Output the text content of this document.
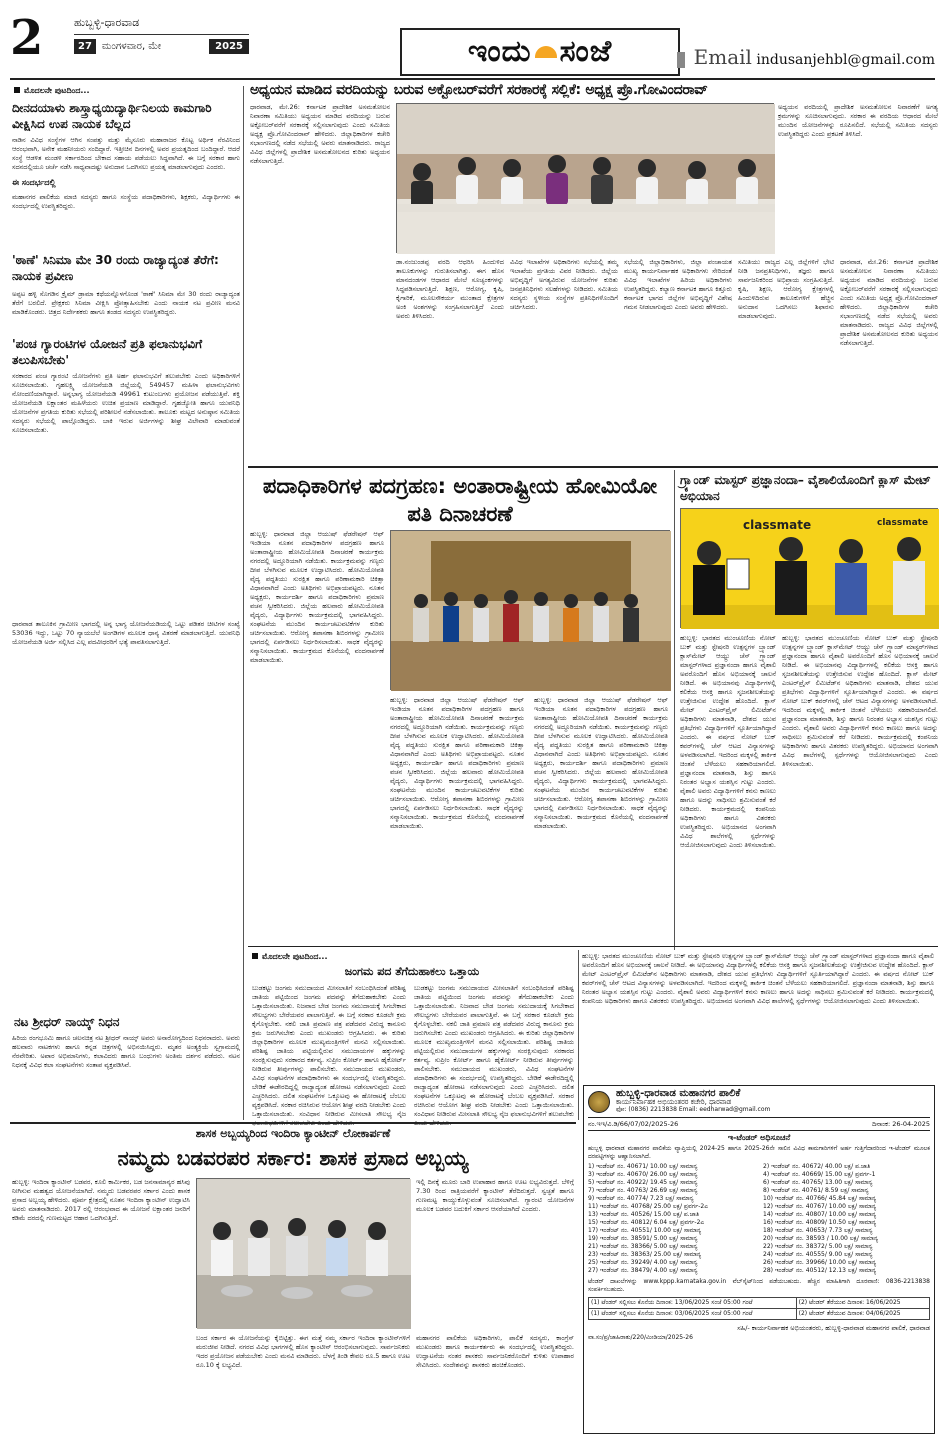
2	ಹುಬ್ಬಳ್ಳಿ-ಧಾರವಾಡ
27	ಮಂಗಳವಾರ, ಮೇ	2025	ಇಂದು ಸಂಜೆ	Email indusanjehbl@gmail.com
ಮೊದಲನೇ ಪುಟದಿಂದ...
ದೀನದಯಾಳು ಶಾಸ್ತ್ರಾಧ್ಯಯಿದ್ಯಾರ್ಥಿನಿಲಯ ಕಾಮಗಾರಿ ವೀಕ್ಷಿಸಿದ ಉಪ ನಾಯಕ ಬೆಲ್ಲದ
ನಾಡಿನ ವಿವಿಧ ಸಂಸ್ಥೆಗಳ ಆಗಿನ ಸಂಪತ್ತು ಮತ್ತು ಮೈಸೂರು ಮಹಾರಾಜರ ಕೊಟ್ಟ ಅರ್ಥಿಕ ನೆರವಿನಿಂದ ಆರಂಭವಾಗಿ, ಅನೇಕ ಮಹನೀಯರು ಸಂದಿದ್ದಾರೆ. ಇತ್ತೀಚಿನ ದಿನಗಳಲ್ಲಿ ಅವರ ಪ್ರಯತ್ನದಿಂದ ಬಂದಿದ್ದಾರೆ. ಆದರೆ ಸಂಸ್ಥೆ ಆಡಳಿತ ಮಂಡಳಿ ಸರ್ಕಾರದಿಂದ ಬೇಕಾದ ಸಹಾಯ ಪಡೆಯಲು ಸಿದ್ಧವಾಗಿದೆ. ಈ ಬಗ್ಗೆ ಸರಕಾರ ಹಾಗು ಸದನದಲ್ಲಿಯೂ ಚರ್ಚೆ ನಡೆಸಿ ಸಾಧ್ಯವಾದಷ್ಟು ಅನುದಾನ ಒದಗಿಸಲು ಪ್ರಯತ್ನ ಮಾಡಲಾಗುವುದು ಎಂದರು.
ಈ ಸಂದರ್ಭದಲ್ಲಿ
ಮಹಾನಗರ ಪಾಲಿಕೆಯ ಮಾಜಿ ಸದಸ್ಯರು ಹಾಗೂ ಸಂಸ್ಥೆಯ ಪದಾಧಿಕಾರಿಗಳು, ಶಿಕ್ಷಕರು, ವಿದ್ಯಾರ್ಥಿಗಳು ಈ ಸಂದರ್ಭದಲ್ಲಿ ಉಪಸ್ಥಿತರಿದ್ದರು.
'ಠಾಣೆ' ಸಿನಿಮಾ ಮೇ 30 ರಂದು ರಾಜ್ಯಾದ್ಯಂತ ತೆರೆಗೆ: ನಾಯಕ ಪ್ರವೀಣ
ಅಪ್ಪಟ ಹಳ್ಳಿ ಸೊಗಡಿನ ಕ್ರೈಮ್ ಡ್ರಾಮಾ ಕಥೆಯನ್ನೊಳಗೊಂಡ 'ಠಾಣೆ' ಸಿನಿಮಾ ಮೇ 30 ರಂದು ರಾಜ್ಯಾದ್ಯಂತ ತೆರೆಗೆ ಬರಲಿದೆ. ಪ್ರೇಕ್ಷಕರು ಸಿನಿಮಾ ವೀಕ್ಷಿಸಿ ಪ್ರೋತ್ಸಾಹಿಸಬೇಕು ಎಂದು ನಾಯಕ ನಟ ಪ್ರವೀಣ ಮನವಿ ಮಾಡಿಕೊಂಡರು. ಚಿತ್ರದ ನಿರ್ದೇಶಕರು ಹಾಗೂ ತಂಡದ ಸದಸ್ಯರು ಉಪಸ್ಥಿತರಿದ್ದರು.
'ಪಂಚ ಗ್ಯಾರಂಟಿಗಳ ಯೋಜನೆ ಪ್ರತಿ ಫಲಾನುಭವಿಗೆ ತಲುಪಿಸಬೇಕು'
ಸರಕಾರದ ಪಂಚ ಗ್ಯಾರಂಟಿ ಯೋಜನೆಗಳು ಪ್ರತಿ ಅರ್ಹ ಫಲಾನುಭವಿಗೆ ತಲುಪಬೇಕು ಎಂದು ಅಧಿಕಾರಿಗಳಿಗೆ ಸೂಚಿಸಲಾಯಿತು. ಗೃಹಲಕ್ಷ್ಮಿ ಯೋಜನೆಯಡಿ ಜಿಲ್ಲೆಯಲ್ಲಿ 549457 ಮಹಿಳಾ ಫಲಾನುಭವಿಗಳು ನೋಂದಣಿಯಾಗಿದ್ದಾರೆ. ಅನ್ನಭಾಗ್ಯ ಯೋಜನೆಯಡಿ 49961 ಕುಟುಂಬಗಳು ಪ್ರಯೋಜನ ಪಡೆಯುತ್ತಿವೆ. ಶಕ್ತಿ ಯೋಜನೆಯಡಿ ಲಕ್ಷಾಂತರ ಮಹಿಳೆಯರು ಉಚಿತ ಪ್ರಯಾಣ ಮಾಡಿದ್ದಾರೆ. ಗೃಹಜ್ಯೋತಿ ಹಾಗೂ ಯುವನಿಧಿ ಯೋಜನೆಗಳ ಪ್ರಗತಿಯ ಕುರಿತು ಸಭೆಯಲ್ಲಿ ಪರಿಶೀಲನೆ ನಡೆಸಲಾಯಿತು. ತಾಲೂಕು ಮಟ್ಟದ ಅನುಷ್ಠಾನ ಸಮಿತಿಯ ಸದಸ್ಯರು ಸಭೆಯಲ್ಲಿ ಪಾಲ್ಗೊಂಡಿದ್ದರು. ಬಾಕಿ ಇರುವ ಅರ್ಜಿಗಳನ್ನು ಶೀಘ್ರ ವಿಲೇವಾರಿ ಮಾಡುವಂತೆ ಸೂಚಿಸಲಾಯಿತು.
ಧಾರವಾಡ ತಾಲೂಕಿನ ಗ್ರಾಮೀಣ ಭಾಗದಲ್ಲಿ ಅನ್ನ ಭಾಗ್ಯ ಯೋಜನೆಯಡಿಯಲ್ಲಿ ಒಟ್ಟು ಪಡಿತರ ಚೀಟಿಗಳ ಸಂಖ್ಯೆ 53036 ಇದ್ದು, ಒಟ್ಟು 70 ನ್ಯಾಯಬೆಲೆ ಅಂಗಡಿಗಳ ಮೂಲಕ ಧಾನ್ಯ ವಿತರಣೆ ಮಾಡಲಾಗುತ್ತಿದೆ. ಯುವನಿಧಿ ಯೋಜನೆಯಡಿ ಅರ್ಜಿ ಸಲ್ಲಿಸಿದ ಎಲ್ಲ ಪದವೀಧರರಿಗೆ ಭತ್ಯೆ ಪಾವತಿಸಲಾಗುತ್ತಿದೆ.
ನಟ ಶ್ರೀಧರ್ ನಾಯ್ಕ್ ನಿಧನ
ಹಿರಿಯ ರಂಗಭೂಮಿ ಹಾಗೂ ಚಲನಚಿತ್ರ ನಟ ಶ್ರೀಧರ್ ನಾಯ್ಕ್ ಅವರು ಅನಾರೋಗ್ಯದಿಂದ ನಿಧನರಾದರು. ಅವರು ಹಲವಾರು ನಾಟಕಗಳು ಹಾಗೂ ಕನ್ನಡ ಚಿತ್ರಗಳಲ್ಲಿ ಅಭಿನಯಿಸಿದ್ದರು. ಮೃತರ ಅಂತ್ಯಕ್ರಿಯೆ ಸ್ವಗ್ರಾಮದಲ್ಲಿ ನೆರವೇರಿತು. ಅಪಾರ ಅಭಿಮಾನಿಗಳು, ಕಲಾವಿದರು ಹಾಗೂ ಬಂಧುಗಳು ಅಂತಿಮ ದರ್ಶನ ಪಡೆದರು. ನಟನ ನಿಧನಕ್ಕೆ ವಿವಿಧ ಕಲಾ ಸಂಘಟನೆಗಳು ಸಂತಾಪ ವ್ಯಕ್ತಪಡಿಸಿವೆ.
ಅಧ್ಯಯನ ಮಾಡಿದ ವರದಿಯನ್ನು ಬರುವ ಅಕ್ಟೋಬರ್‌ವರೆಗೆ ಸರಕಾರಕ್ಕೆ ಸಲ್ಲಿಕೆ: ಅಧ್ಯಕ್ಷ ಪ್ರೊ.ಗೋವಿಂದರಾವ್
ಧಾರವಾಡ, ಮೇ.26: ಕರ್ನಾಟಕ ಪ್ರಾದೇಶಿಕ ಅಸಮತೋಲನ ನಿವಾರಣಾ ಸಮಿತಿಯು ಅಧ್ಯಯನ ಮಾಡಿದ ವರದಿಯನ್ನು ಬರುವ ಅಕ್ಟೋಬರ್‌ವರೆಗೆ ಸರಕಾರಕ್ಕೆ ಸಲ್ಲಿಸಲಾಗುವುದು ಎಂದು ಸಮಿತಿಯ ಅಧ್ಯಕ್ಷ ಪ್ರೊ.ಗೋವಿಂದರಾವ್ ಹೇಳಿದರು. ಜಿಲ್ಲಾಧಿಕಾರಿಗಳ ಕಚೇರಿ ಸಭಾಂಗಣದಲ್ಲಿ ನಡೆದ ಸಭೆಯಲ್ಲಿ ಅವರು ಮಾತನಾಡಿದರು. ರಾಜ್ಯದ ವಿವಿಧ ಜಿಲ್ಲೆಗಳಲ್ಲಿ ಪ್ರಾದೇಶಿಕ ಅಸಮತೋಲನದ ಕುರಿತು ಅಧ್ಯಯನ ನಡೆಸಲಾಗುತ್ತಿದೆ.
ಅಧ್ಯಯನ ವರದಿಯಲ್ಲಿ ಪ್ರಾದೇಶಿಕ ಅಸಮತೋಲನ ನಿವಾರಣೆಗೆ ಅಗತ್ಯ ಕ್ರಮಗಳನ್ನು ಸೂಚಿಸಲಾಗುವುದು. ಸರಕಾರ ಈ ವರದಿಯ ಆಧಾರದ ಮೇಲೆ ಮುಂದಿನ ಯೋಜನೆಗಳನ್ನು ರೂಪಿಸಲಿದೆ. ಸಭೆಯಲ್ಲಿ ಸಮಿತಿಯ ಸದಸ್ಯರು ಉಪಸ್ಥಿತರಿದ್ದರು ಎಂದು ಪ್ರಕಟಣೆ ತಿಳಿಸಿದೆ.
ಡಾ.ನಂಜುಂಡಪ್ಪ ವರದಿ ಆಧರಿಸಿ ಹಿಂದುಳಿದ ತಾಲೂಕುಗಳನ್ನು ಗುರುತಿಸಲಾಗಿತ್ತು. ಈಗ ಹೊಸ ಮಾನದಂಡಗಳ ಆಧಾರದ ಮೇಲೆ ಸೂಚ್ಯಂಕಗಳನ್ನು ಸಿದ್ಧಪಡಿಸಲಾಗುತ್ತಿದೆ. ಶಿಕ್ಷಣ, ಆರೋಗ್ಯ, ಕೃಷಿ, ಕೈಗಾರಿಕೆ, ಮೂಲಸೌಕರ್ಯ ಮುಂತಾದ ಕ್ಷೇತ್ರಗಳ ಅಂಕಿ ಅಂಶಗಳನ್ನು ಸಂಗ್ರಹಿಸಲಾಗುತ್ತಿದೆ ಎಂದು ಅವರು ತಿಳಿಸಿದರು.
ವಿವಿಧ ಇಲಾಖೆಗಳ ಅಧಿಕಾರಿಗಳು ಸಭೆಯಲ್ಲಿ ತಮ್ಮ ಇಲಾಖೆಯ ಪ್ರಗತಿಯ ವಿವರ ನೀಡಿದರು. ಜಿಲ್ಲೆಯ ಅಭಿವೃದ್ಧಿಗೆ ಅಗತ್ಯವಿರುವ ಯೋಜನೆಗಳ ಕುರಿತು ಜನಪ್ರತಿನಿಧಿಗಳು ಸಲಹೆಗಳನ್ನು ನೀಡಿದರು. ಸಮಿತಿಯ ಸದಸ್ಯರು ಸ್ಥಳೀಯ ಸಂಸ್ಥೆಗಳ ಪ್ರತಿನಿಧಿಗಳೊಂದಿಗೆ ಚರ್ಚಿಸಿದರು.
ಸಭೆಯಲ್ಲಿ ಜಿಲ್ಲಾಧಿಕಾರಿಗಳು, ಜಿಲ್ಲಾ ಪಂಚಾಯತ ಮುಖ್ಯ ಕಾರ್ಯನಿರ್ವಾಹಕ ಅಧಿಕಾರಿಗಳು ಸೇರಿದಂತೆ ವಿವಿಧ ಇಲಾಖೆಗಳ ಹಿರಿಯ ಅಧಿಕಾರಿಗಳು ಉಪಸ್ಥಿತರಿದ್ದರು. ಕಲ್ಯಾಣ ಕರ್ನಾಟಕ ಹಾಗೂ ಕಿತ್ತೂರು ಕರ್ನಾಟಕ ಭಾಗದ ಜಿಲ್ಲೆಗಳ ಅಭಿವೃದ್ಧಿಗೆ ವಿಶೇಷ ಗಮನ ನೀಡಲಾಗುವುದು ಎಂದು ಅವರು ಹೇಳಿದರು.
ಸಮಿತಿಯು ರಾಜ್ಯದ ಎಲ್ಲ ಜಿಲ್ಲೆಗಳಿಗೆ ಭೇಟಿ ನೀಡಿ ಜನಪ್ರತಿನಿಧಿಗಳು, ತಜ್ಞರು ಹಾಗೂ ಸಾರ್ವಜನಿಕರಿಂದ ಅಭಿಪ್ರಾಯ ಸಂಗ್ರಹಿಸುತ್ತಿದೆ. ಕೃಷಿ, ಶಿಕ್ಷಣ, ಆರೋಗ್ಯ ಕ್ಷೇತ್ರಗಳಲ್ಲಿ ಹಿಂದುಳಿದಿರುವ ತಾಲೂಕುಗಳಿಗೆ ಹೆಚ್ಚಿನ ಅನುದಾನ ಒದಗಿಸಲು ಶಿಫಾರಸು ಮಾಡಲಾಗುವುದು.
ಧಾರವಾಡ, ಮೇ.26: ಕರ್ನಾಟಕ ಪ್ರಾದೇಶಿಕ ಅಸಮತೋಲನ ನಿವಾರಣಾ ಸಮಿತಿಯು ಅಧ್ಯಯನ ಮಾಡಿದ ವರದಿಯನ್ನು ಬರುವ ಅಕ್ಟೋಬರ್‌ವರೆಗೆ ಸರಕಾರಕ್ಕೆ ಸಲ್ಲಿಸಲಾಗುವುದು ಎಂದು ಸಮಿತಿಯ ಅಧ್ಯಕ್ಷ ಪ್ರೊ.ಗೋವಿಂದರಾವ್ ಹೇಳಿದರು. ಜಿಲ್ಲಾಧಿಕಾರಿಗಳ ಕಚೇರಿ ಸಭಾಂಗಣದಲ್ಲಿ ನಡೆದ ಸಭೆಯಲ್ಲಿ ಅವರು ಮಾತನಾಡಿದರು. ರಾಜ್ಯದ ವಿವಿಧ ಜಿಲ್ಲೆಗಳಲ್ಲಿ ಪ್ರಾದೇಶಿಕ ಅಸಮತೋಲನದ ಕುರಿತು ಅಧ್ಯಯನ ನಡೆಸಲಾಗುತ್ತಿದೆ.
ಪದಾಧಿಕಾರಿಗಳ ಪದಗ್ರಹಣ: ಅಂತಾರಾಷ್ಟ್ರೀಯ ಹೋಮಿಯೋ ಪತಿ ದಿನಾಚರಣೆ
ಹುಬ್ಬಳ್ಳಿ: ಧಾರವಾಡ ಜಿಲ್ಲಾ ಆಯುಷ್ ಫೆಡರೇಷನ್ ಆಫ್ ಇಂಡಿಯಾ ನೂತನ ಪದಾಧಿಕಾರಿಗಳ ಪದಗ್ರಹಣ ಹಾಗೂ ಅಂತಾರಾಷ್ಟ್ರೀಯ ಹೋಮಿಯೋಪತಿ ದಿನಾಚರಣೆ ಕಾರ್ಯಕ್ರಮ ನಗರದಲ್ಲಿ ಅದ್ದೂರಿಯಾಗಿ ನಡೆಯಿತು. ಕಾರ್ಯಕ್ರಮವನ್ನು ಗಣ್ಯರು ದೀಪ ಬೆಳಗಿಸುವ ಮೂಲಕ ಉದ್ಘಾಟಿಸಿದರು. ಹೋಮಿಯೋಪತಿ ವೈದ್ಯ ಪದ್ಧತಿಯು ಸುರಕ್ಷಿತ ಹಾಗೂ ಪರಿಣಾಮಕಾರಿ ಚಿಕಿತ್ಸಾ ವಿಧಾನವಾಗಿದೆ ಎಂದು ಅತಿಥಿಗಳು ಅಭಿಪ್ರಾಯಪಟ್ಟರು. ನೂತನ ಅಧ್ಯಕ್ಷರು, ಕಾರ್ಯದರ್ಶಿ ಹಾಗೂ ಪದಾಧಿಕಾರಿಗಳು ಪ್ರಮಾಣ ವಚನ ಸ್ವೀಕರಿಸಿದರು. ಜಿಲ್ಲೆಯ ಹಲವಾರು ಹೋಮಿಯೋಪತಿ ವೈದ್ಯರು, ವಿದ್ಯಾರ್ಥಿಗಳು ಕಾರ್ಯಕ್ರಮದಲ್ಲಿ ಭಾಗವಹಿಸಿದ್ದರು. ಸಂಘಟನೆಯ ಮುಂದಿನ ಕಾರ್ಯಚಟುವಟಿಕೆಗಳ ಕುರಿತು ಚರ್ಚಿಸಲಾಯಿತು. ಆರೋಗ್ಯ ತಪಾಸಣಾ ಶಿಬಿರಗಳನ್ನು ಗ್ರಾಮೀಣ ಭಾಗದಲ್ಲಿ ಏರ್ಪಡಿಸಲು ನಿರ್ಧರಿಸಲಾಯಿತು. ಸಾಧಕ ವೈದ್ಯರನ್ನು ಸನ್ಮಾನಿಸಲಾಯಿತು. ಕಾರ್ಯಕ್ರಮದ ಕೊನೆಯಲ್ಲಿ ವಂದನಾರ್ಪಣೆ ಮಾಡಲಾಯಿತು.
ಹುಬ್ಬಳ್ಳಿ: ಧಾರವಾಡ ಜಿಲ್ಲಾ ಆಯುಷ್ ಫೆಡರೇಷನ್ ಆಫ್ ಇಂಡಿಯಾ ನೂತನ ಪದಾಧಿಕಾರಿಗಳ ಪದಗ್ರಹಣ ಹಾಗೂ ಅಂತಾರಾಷ್ಟ್ರೀಯ ಹೋಮಿಯೋಪತಿ ದಿನಾಚರಣೆ ಕಾರ್ಯಕ್ರಮ ನಗರದಲ್ಲಿ ಅದ್ದೂರಿಯಾಗಿ ನಡೆಯಿತು. ಕಾರ್ಯಕ್ರಮವನ್ನು ಗಣ್ಯರು ದೀಪ ಬೆಳಗಿಸುವ ಮೂಲಕ ಉದ್ಘಾಟಿಸಿದರು. ಹೋಮಿಯೋಪತಿ ವೈದ್ಯ ಪದ್ಧತಿಯು ಸುರಕ್ಷಿತ ಹಾಗೂ ಪರಿಣಾಮಕಾರಿ ಚಿಕಿತ್ಸಾ ವಿಧಾನವಾಗಿದೆ ಎಂದು ಅತಿಥಿಗಳು ಅಭಿಪ್ರಾಯಪಟ್ಟರು. ನೂತನ ಅಧ್ಯಕ್ಷರು, ಕಾರ್ಯದರ್ಶಿ ಹಾಗೂ ಪದಾಧಿಕಾರಿಗಳು ಪ್ರಮಾಣ ವಚನ ಸ್ವೀಕರಿಸಿದರು. ಜಿಲ್ಲೆಯ ಹಲವಾರು ಹೋಮಿಯೋಪತಿ ವೈದ್ಯರು, ವಿದ್ಯಾರ್ಥಿಗಳು ಕಾರ್ಯಕ್ರಮದಲ್ಲಿ ಭಾಗವಹಿಸಿದ್ದರು. ಸಂಘಟನೆಯ ಮುಂದಿನ ಕಾರ್ಯಚಟುವಟಿಕೆಗಳ ಕುರಿತು ಚರ್ಚಿಸಲಾಯಿತು. ಆರೋಗ್ಯ ತಪಾಸಣಾ ಶಿಬಿರಗಳನ್ನು ಗ್ರಾಮೀಣ ಭಾಗದಲ್ಲಿ ಏರ್ಪಡಿಸಲು ನಿರ್ಧರಿಸಲಾಯಿತು. ಸಾಧಕ ವೈದ್ಯರನ್ನು ಸನ್ಮಾನಿಸಲಾಯಿತು. ಕಾರ್ಯಕ್ರಮದ ಕೊನೆಯಲ್ಲಿ ವಂದನಾರ್ಪಣೆ ಮಾಡಲಾಯಿತು.
ಹುಬ್ಬಳ್ಳಿ: ಧಾರವಾಡ ಜಿಲ್ಲಾ ಆಯುಷ್ ಫೆಡರೇಷನ್ ಆಫ್ ಇಂಡಿಯಾ ನೂತನ ಪದಾಧಿಕಾರಿಗಳ ಪದಗ್ರಹಣ ಹಾಗೂ ಅಂತಾರಾಷ್ಟ್ರೀಯ ಹೋಮಿಯೋಪತಿ ದಿನಾಚರಣೆ ಕಾರ್ಯಕ್ರಮ ನಗರದಲ್ಲಿ ಅದ್ದೂರಿಯಾಗಿ ನಡೆಯಿತು. ಕಾರ್ಯಕ್ರಮವನ್ನು ಗಣ್ಯರು ದೀಪ ಬೆಳಗಿಸುವ ಮೂಲಕ ಉದ್ಘಾಟಿಸಿದರು. ಹೋಮಿಯೋಪತಿ ವೈದ್ಯ ಪದ್ಧತಿಯು ಸುರಕ್ಷಿತ ಹಾಗೂ ಪರಿಣಾಮಕಾರಿ ಚಿಕಿತ್ಸಾ ವಿಧಾನವಾಗಿದೆ ಎಂದು ಅತಿಥಿಗಳು ಅಭಿಪ್ರಾಯಪಟ್ಟರು. ನೂತನ ಅಧ್ಯಕ್ಷರು, ಕಾರ್ಯದರ್ಶಿ ಹಾಗೂ ಪದಾಧಿಕಾರಿಗಳು ಪ್ರಮಾಣ ವಚನ ಸ್ವೀಕರಿಸಿದರು. ಜಿಲ್ಲೆಯ ಹಲವಾರು ಹೋಮಿಯೋಪತಿ ವೈದ್ಯರು, ವಿದ್ಯಾರ್ಥಿಗಳು ಕಾರ್ಯಕ್ರಮದಲ್ಲಿ ಭಾಗವಹಿಸಿದ್ದರು. ಸಂಘಟನೆಯ ಮುಂದಿನ ಕಾರ್ಯಚಟುವಟಿಕೆಗಳ ಕುರಿತು ಚರ್ಚಿಸಲಾಯಿತು. ಆರೋಗ್ಯ ತಪಾಸಣಾ ಶಿಬಿರಗಳನ್ನು ಗ್ರಾಮೀಣ ಭಾಗದಲ್ಲಿ ಏರ್ಪಡಿಸಲು ನಿರ್ಧರಿಸಲಾಯಿತು. ಸಾಧಕ ವೈದ್ಯರನ್ನು ಸನ್ಮಾನಿಸಲಾಯಿತು. ಕಾರ್ಯಕ್ರಮದ ಕೊನೆಯಲ್ಲಿ ವಂದನಾರ್ಪಣೆ ಮಾಡಲಾಯಿತು.
ಗ್ರ್ಯಾಂಡ್ ಮಾಸ್ಟರ್ ಪ್ರಜ್ಞಾನಂದಾ– ವೈಶಾಲಿಯೊಂದಿಗೆ ಕ್ಲಾಸ್ ಮೇಟ್ ಅಭಿಯಾನ
classmate	classmate
ಹುಬ್ಬಳ್ಳಿ: ಭಾರತದ ಮುಂಚೂಣಿಯ ನೋಟ್ ಬುಕ್ ಮತ್ತು ಸ್ಟೇಷನರಿ ಉತ್ಪನ್ನಗಳ ಬ್ರ್ಯಾಂಡ್ ಕ್ಲಾಸ್‌ಮೇಟ್ ಆಯ್ಟ್ರು ಚೆಸ್ ಗ್ರ್ಯಾಂಡ್ ಮಾಸ್ಟರ್‌ಗಳಾದ ಪ್ರಜ್ಞಾನಂದಾ ಹಾಗೂ ವೈಶಾಲಿ ಅವರೊಂದಿಗೆ ಹೊಸ ಅಭಿಯಾನಕ್ಕೆ ಚಾಲನೆ ನೀಡಿದೆ. ಈ ಅಭಿಯಾನವು ವಿದ್ಯಾರ್ಥಿಗಳಲ್ಲಿ ಕಲಿಕೆಯ ಆಸಕ್ತಿ ಹಾಗೂ ಸೃಜನಶೀಲತೆಯನ್ನು ಉತ್ತೇಜಿಸುವ ಉದ್ದೇಶ ಹೊಂದಿದೆ. ಕ್ಲಾಸ್ ಮೇಟ್ ಎಂಟರ್‌ಪ್ರೈಸ್ ಲಿಮಿಟೆಡ್‌ನ ಅಧಿಕಾರಿಗಳು ಮಾತನಾಡಿ, ದೇಶದ ಯುವ ಪ್ರತಿಭೆಗಳು ವಿದ್ಯಾರ್ಥಿಗಳಿಗೆ ಸ್ಫೂರ್ತಿಯಾಗಿದ್ದಾರೆ ಎಂದರು. ಈ ವರ್ಷದ ನೋಟ್ ಬುಕ್ ಕವರ್‌ಗಳಲ್ಲಿ ಚೆಸ್ ಆಟದ ವಿನ್ಯಾಸಗಳನ್ನು ಅಳವಡಿಸಲಾಗಿದೆ. ಇದರಿಂದ ಮಕ್ಕಳಲ್ಲಿ ತಾರ್ಕಿಕ ಚಿಂತನೆ ಬೆಳೆಯಲು ಸಹಕಾರಿಯಾಗಲಿದೆ. ಪ್ರಜ್ಞಾನಂದಾ ಮಾತನಾಡಿ, ಶಿಸ್ತು ಹಾಗೂ ನಿರಂತರ ಅಭ್ಯಾಸ ಯಶಸ್ಸಿನ ಗುಟ್ಟು ಎಂದರು. ವೈಶಾಲಿ ಅವರು ವಿದ್ಯಾರ್ಥಿಗಳಿಗೆ ಕನಸು ಕಾಣಲು ಹಾಗೂ ಅದನ್ನು ಸಾಧಿಸಲು ಶ್ರಮಿಸುವಂತೆ ಕರೆ ನೀಡಿದರು. ಕಾರ್ಯಕ್ರಮದಲ್ಲಿ ಕಂಪನಿಯ ಅಧಿಕಾರಿಗಳು ಹಾಗೂ ವಿತರಕರು ಉಪಸ್ಥಿತರಿದ್ದರು. ಅಭಿಯಾನದ ಅಂಗವಾಗಿ ವಿವಿಧ ಶಾಲೆಗಳಲ್ಲಿ ಸ್ಪರ್ಧೆಗಳನ್ನು ಆಯೋಜಿಸಲಾಗುವುದು ಎಂದು ತಿಳಿಸಲಾಯಿತು.
ಹುಬ್ಬಳ್ಳಿ: ಭಾರತದ ಮುಂಚೂಣಿಯ ನೋಟ್ ಬುಕ್ ಮತ್ತು ಸ್ಟೇಷನರಿ ಉತ್ಪನ್ನಗಳ ಬ್ರ್ಯಾಂಡ್ ಕ್ಲಾಸ್‌ಮೇಟ್ ಆಯ್ಟ್ರು ಚೆಸ್ ಗ್ರ್ಯಾಂಡ್ ಮಾಸ್ಟರ್‌ಗಳಾದ ಪ್ರಜ್ಞಾನಂದಾ ಹಾಗೂ ವೈಶಾಲಿ ಅವರೊಂದಿಗೆ ಹೊಸ ಅಭಿಯಾನಕ್ಕೆ ಚಾಲನೆ ನೀಡಿದೆ. ಈ ಅಭಿಯಾನವು ವಿದ್ಯಾರ್ಥಿಗಳಲ್ಲಿ ಕಲಿಕೆಯ ಆಸಕ್ತಿ ಹಾಗೂ ಸೃಜನಶೀಲತೆಯನ್ನು ಉತ್ತೇಜಿಸುವ ಉದ್ದೇಶ ಹೊಂದಿದೆ. ಕ್ಲಾಸ್ ಮೇಟ್ ಎಂಟರ್‌ಪ್ರೈಸ್ ಲಿಮಿಟೆಡ್‌ನ ಅಧಿಕಾರಿಗಳು ಮಾತನಾಡಿ, ದೇಶದ ಯುವ ಪ್ರತಿಭೆಗಳು ವಿದ್ಯಾರ್ಥಿಗಳಿಗೆ ಸ್ಫೂರ್ತಿಯಾಗಿದ್ದಾರೆ ಎಂದರು. ಈ ವರ್ಷದ ನೋಟ್ ಬುಕ್ ಕವರ್‌ಗಳಲ್ಲಿ ಚೆಸ್ ಆಟದ ವಿನ್ಯಾಸಗಳನ್ನು ಅಳವಡಿಸಲಾಗಿದೆ. ಇದರಿಂದ ಮಕ್ಕಳಲ್ಲಿ ತಾರ್ಕಿಕ ಚಿಂತನೆ ಬೆಳೆಯಲು ಸಹಕಾರಿಯಾಗಲಿದೆ. ಪ್ರಜ್ಞಾನಂದಾ ಮಾತನಾಡಿ, ಶಿಸ್ತು ಹಾಗೂ ನಿರಂತರ ಅಭ್ಯಾಸ ಯಶಸ್ಸಿನ ಗುಟ್ಟು ಎಂದರು. ವೈಶಾಲಿ ಅವರು ವಿದ್ಯಾರ್ಥಿಗಳಿಗೆ ಕನಸು ಕಾಣಲು ಹಾಗೂ ಅದನ್ನು ಸಾಧಿಸಲು ಶ್ರಮಿಸುವಂತೆ ಕರೆ ನೀಡಿದರು. ಕಾರ್ಯಕ್ರಮದಲ್ಲಿ ಕಂಪನಿಯ ಅಧಿಕಾರಿಗಳು ಹಾಗೂ ವಿತರಕರು ಉಪಸ್ಥಿತರಿದ್ದರು. ಅಭಿಯಾನದ ಅಂಗವಾಗಿ ವಿವಿಧ ಶಾಲೆಗಳಲ್ಲಿ ಸ್ಪರ್ಧೆಗಳನ್ನು ಆಯೋಜಿಸಲಾಗುವುದು ಎಂದು ತಿಳಿಸಲಾಯಿತು.
ಮೊದಲನೇ ಪುಟದಿಂದ...
ಜಂಗಮ ಪದ ತೆಗೆದುಹಾಕಲು ಒತ್ತಾಯ
ಬುಡಕಟ್ಟು ಜಂಗಮ ಸಮುದಾಯದ ಮೀಸಲಾತಿಗೆ ಸಂಬಂಧಿಸಿದಂತೆ ಪರಿಶಿಷ್ಟ ಜಾತಿಯ ಪಟ್ಟಿಯಿಂದ ಜಂಗಮ ಪದವನ್ನು ತೆಗೆದುಹಾಕಬೇಕು ಎಂದು ಒತ್ತಾಯಿಸಲಾಯಿತು. ನಿಜವಾದ ಬೇಡ ಜಂಗಮ ಸಮುದಾಯಕ್ಕೆ ಸಿಗಬೇಕಾದ ಸೌಲಭ್ಯಗಳು ಬೇರೆಯವರ ಪಾಲಾಗುತ್ತಿವೆ. ಈ ಬಗ್ಗೆ ಸರಕಾರ ಕೂಡಲೇ ಕ್ರಮ ಕೈಗೊಳ್ಳಬೇಕು. ನಕಲಿ ಜಾತಿ ಪ್ರಮಾಣ ಪತ್ರ ಪಡೆದವರ ವಿರುದ್ಧ ಕಾನೂನು ಕ್ರಮ ಜರುಗಿಸಬೇಕು ಎಂದು ಮುಖಂಡರು ಆಗ್ರಹಿಸಿದರು. ಈ ಕುರಿತು ಜಿಲ್ಲಾಧಿಕಾರಿಗಳ ಮೂಲಕ ಮುಖ್ಯಮಂತ್ರಿಗಳಿಗೆ ಮನವಿ ಸಲ್ಲಿಸಲಾಯಿತು. ಪರಿಶಿಷ್ಟ ಜಾತಿಯ ಪಟ್ಟಿಯಲ್ಲಿರುವ ಸಮುದಾಯಗಳ ಹಕ್ಕುಗಳನ್ನು ಸಂರಕ್ಷಿಸುವುದು ಸರಕಾರದ ಕರ್ತವ್ಯ. ಸುಪ್ರೀಂ ಕೋರ್ಟ್ ಹಾಗೂ ಹೈಕೋರ್ಟ್ ನೀಡಿರುವ ತೀರ್ಪುಗಳನ್ನು ಪಾಲಿಸಬೇಕು. ಸಮುದಾಯದ ಮುಖಂಡರು, ವಿವಿಧ ಸಂಘಟನೆಗಳ ಪದಾಧಿಕಾರಿಗಳು ಈ ಸಂದರ್ಭದಲ್ಲಿ ಉಪಸ್ಥಿತರಿದ್ದರು. ಬೇಡಿಕೆ ಈಡೇರದಿದ್ದಲ್ಲಿ ರಾಜ್ಯಾದ್ಯಂತ ಹೋರಾಟ ನಡೆಸಲಾಗುವುದು ಎಂದು ಎಚ್ಚರಿಸಿದರು. ದಲಿತ ಸಂಘಟನೆಗಳ ಒಕ್ಕೂಟವು ಈ ಹೋರಾಟಕ್ಕೆ ಬೆಂಬಲ ವ್ಯಕ್ತಪಡಿಸಿದೆ. ಸರಕಾರ ರಚಿಸಿರುವ ಆಯೋಗ ಶೀಘ್ರ ವರದಿ ನೀಡಬೇಕು ಎಂದು ಒತ್ತಾಯಿಸಲಾಯಿತು. ಸಂವಿಧಾನ ನೀಡಿರುವ ಮೀಸಲಾತಿ ಸೌಲಭ್ಯ ನೈಜ
ಬುಡಕಟ್ಟು ಜಂಗಮ ಸಮುದಾಯದ ಮೀಸಲಾತಿಗೆ ಸಂಬಂಧಿಸಿದಂತೆ ಪರಿಶಿಷ್ಟ ಜಾತಿಯ ಪಟ್ಟಿಯಿಂದ ಜಂಗಮ ಪದವನ್ನು ತೆಗೆದುಹಾಕಬೇಕು ಎಂದು ಒತ್ತಾಯಿಸಲಾಯಿತು. ನಿಜವಾದ ಬೇಡ ಜಂಗಮ ಸಮುದಾಯಕ್ಕೆ ಸಿಗಬೇಕಾದ ಸೌಲಭ್ಯಗಳು ಬೇರೆಯವರ ಪಾಲಾಗುತ್ತಿವೆ. ಈ ಬಗ್ಗೆ ಸರಕಾರ ಕೂಡಲೇ ಕ್ರಮ ಕೈಗೊಳ್ಳಬೇಕು. ನಕಲಿ ಜಾತಿ ಪ್ರಮಾಣ ಪತ್ರ ಪಡೆದವರ ವಿರುದ್ಧ ಕಾನೂನು ಕ್ರಮ ಜರುಗಿಸಬೇಕು ಎಂದು ಮುಖಂಡರು ಆಗ್ರಹಿಸಿದರು. ಈ ಕುರಿತು ಜಿಲ್ಲಾಧಿಕಾರಿಗಳ ಮೂಲಕ ಮುಖ್ಯಮಂತ್ರಿಗಳಿಗೆ ಮನವಿ ಸಲ್ಲಿಸಲಾಯಿತು. ಪರಿಶಿಷ್ಟ ಜಾತಿಯ ಪಟ್ಟಿಯಲ್ಲಿರುವ ಸಮುದಾಯಗಳ ಹಕ್ಕುಗಳನ್ನು ಸಂರಕ್ಷಿಸುವುದು ಸರಕಾರದ ಕರ್ತವ್ಯ. ಸುಪ್ರೀಂ ಕೋರ್ಟ್ ಹಾಗೂ ಹೈಕೋರ್ಟ್ ನೀಡಿರುವ ತೀರ್ಪುಗಳನ್ನು ಪಾಲಿಸಬೇಕು. ಸಮುದಾಯದ ಮುಖಂಡರು, ವಿವಿಧ ಸಂಘಟನೆಗಳ ಪದಾಧಿಕಾರಿಗಳು ಈ ಸಂದರ್ಭದಲ್ಲಿ ಉಪಸ್ಥಿತರಿದ್ದರು. ಬೇಡಿಕೆ ಈಡೇರದಿದ್ದಲ್ಲಿ ರಾಜ್ಯಾದ್ಯಂತ ಹೋರಾಟ ನಡೆಸಲಾಗುವುದು ಎಂದು ಎಚ್ಚರಿಸಿದರು. ದಲಿತ ಸಂಘಟನೆಗಳ ಒಕ್ಕೂಟವು ಈ ಹೋರಾಟಕ್ಕೆ ಬೆಂಬಲ ವ್ಯಕ್ತಪಡಿಸಿದೆ. ಸರಕಾರ ರಚಿಸಿರುವ ಆಯೋಗ ಶೀಘ್ರ ವರದಿ ನೀಡಬೇಕು ಎಂದು ಒತ್ತಾಯಿಸಲಾಯಿತು. ಸಂವಿಧಾನ ನೀಡಿರುವ ಮೀಸಲಾತಿ ಸೌಲಭ್ಯ ನೈಜ ಫಲಾನುಭವಿಗಳಿಗೆ ತಲುಪಬೇಕು
ಹುಬ್ಬಳ್ಳಿ: ಭಾರತದ ಮುಂಚೂಣಿಯ ನೋಟ್ ಬುಕ್ ಮತ್ತು ಸ್ಟೇಷನರಿ ಉತ್ಪನ್ನಗಳ ಬ್ರ್ಯಾಂಡ್ ಕ್ಲಾಸ್‌ಮೇಟ್ ಆಯ್ಟ್ರು ಚೆಸ್ ಗ್ರ್ಯಾಂಡ್ ಮಾಸ್ಟರ್‌ಗಳಾದ ಪ್ರಜ್ಞಾನಂದಾ ಹಾಗೂ ವೈಶಾಲಿ ಅವರೊಂದಿಗೆ ಹೊಸ ಅಭಿಯಾನಕ್ಕೆ ಚಾಲನೆ ನೀಡಿದೆ. ಈ ಅಭಿಯಾನವು ವಿದ್ಯಾರ್ಥಿಗಳಲ್ಲಿ ಕಲಿಕೆಯ ಆಸಕ್ತಿ ಹಾಗೂ ಸೃಜನಶೀಲತೆಯನ್ನು ಉತ್ತೇಜಿಸುವ ಉದ್ದೇಶ ಹೊಂದಿದೆ. ಕ್ಲಾಸ್ ಮೇಟ್ ಎಂಟರ್‌ಪ್ರೈಸ್ ಲಿಮಿಟೆಡ್‌ನ ಅಧಿಕಾರಿಗಳು ಮಾತನಾಡಿ, ದೇಶದ ಯುವ ಪ್ರತಿಭೆಗಳು ವಿದ್ಯಾರ್ಥಿಗಳಿಗೆ ಸ್ಫೂರ್ತಿಯಾಗಿದ್ದಾರೆ ಎಂದರು. ಈ ವರ್ಷದ ನೋಟ್ ಬುಕ್ ಕವರ್‌ಗಳಲ್ಲಿ ಚೆಸ್ ಆಟದ ವಿನ್ಯಾಸಗಳನ್ನು ಅಳವಡಿಸಲಾಗಿದೆ. ಇದರಿಂದ ಮಕ್ಕಳಲ್ಲಿ ತಾರ್ಕಿಕ ಚಿಂತನೆ ಬೆಳೆಯಲು ಸಹಕಾರಿಯಾಗಲಿದೆ. ಪ್ರಜ್ಞಾನಂದಾ ಮಾತನಾಡಿ, ಶಿಸ್ತು ಹಾಗೂ ನಿರಂತರ ಅಭ್ಯಾಸ ಯಶಸ್ಸಿನ ಗುಟ್ಟು ಎಂದರು. ವೈಶಾಲಿ ಅವರು ವಿದ್ಯಾರ್ಥಿಗಳಿಗೆ ಕನಸು ಕಾಣಲು ಹಾಗೂ ಅದನ್ನು ಸಾಧಿಸಲು ಶ್ರಮಿಸುವಂತೆ ಕರೆ ನೀಡಿದರು. ಕಾರ್ಯಕ್ರಮದಲ್ಲಿ ಕಂಪನಿಯ ಅಧಿಕಾರಿಗಳು ಹಾಗೂ ವಿತರಕರು ಉಪಸ್ಥಿತರಿದ್ದರು. ಅಭಿಯಾನದ ಅಂಗವಾಗಿ ವಿವಿಧ ಶಾಲೆಗಳಲ್ಲಿ ಸ್ಪರ್ಧೆಗಳನ್ನು ಆಯೋಜಿಸಲಾಗುವುದು ಎಂದು ತಿಳಿಸಲಾಯಿತು.
ಶಾಸಕ ಅಬ್ಬಯ್ಯರಿಂದ ಇಂದಿರಾ ಕ್ಯಾಂಟೀನ್ ಲೋಕಾರ್ಪಣೆ
ನಮ್ಮದು ಬಡವರಪರ ಸರ್ಕಾರ: ಶಾಸಕ ಪ್ರಸಾದ ಅಬ್ಬಯ್ಯ
ಹುಬ್ಬಳ್ಳಿ: ಇಂದಿರಾ ಕ್ಯಾಂಟೀನ್ ಬಡವರ, ಕೂಲಿ ಕಾರ್ಮಿಕರ, ಬಡ ಜನಸಾಮಾನ್ಯರ ಹಸಿವು ನೀಗಿಸುವ ಮಹತ್ವದ ಯೋಜನೆಯಾಗಿದೆ. ನಮ್ಮದು ಬಡವರಪರ ಸರ್ಕಾರ ಎಂದು ಶಾಸಕ ಪ್ರಸಾದ ಅಬ್ಬಯ್ಯ ಹೇಳಿದರು. ಪೂರ್ವ ಕ್ಷೇತ್ರದಲ್ಲಿ ನೂತನ ಇಂದಿರಾ ಕ್ಯಾಂಟೀನ್ ಉದ್ಘಾಟಿಸಿ ಅವರು ಮಾತನಾಡಿದರು. 2017 ರಲ್ಲಿ ಆರಂಭವಾದ ಈ ಯೋಜನೆ ಲಕ್ಷಾಂತರ ಜನರಿಗೆ ಕಡಿಮೆ ದರದಲ್ಲಿ ಗುಣಮಟ್ಟದ ಆಹಾರ ಒದಗಿಸುತ್ತಿದೆ.
ಇಲ್ಲಿ ದಿನಕ್ಕೆ ಮೂರು ಬಾರಿ ಉಪಾಹಾರ ಹಾಗೂ ಊಟ ಲಭ್ಯವಿರುತ್ತದೆ. ಬೆಳಿಗ್ಗೆ 7.30 ರಿಂದ ರಾತ್ರಿಯವರೆಗೆ ಕ್ಯಾಂಟೀನ್ ತೆರೆದಿರುತ್ತದೆ. ಸ್ವಚ್ಛತೆ ಹಾಗೂ ಗುಣಮಟ್ಟ ಕಾಯ್ದುಕೊಳ್ಳುವಂತೆ ಸೂಚಿಸಲಾಗಿದೆ. ಗ್ಯಾರಂಟಿ ಯೋಜನೆಗಳ ಮೂಲಕ ಬಡವರ ಬದುಕಿಗೆ ಸರ್ಕಾರ ಆಸರೆಯಾಗಿದೆ ಎಂದರು.
ಬಂದ ಸರ್ಕಾರ ಈ ಯೋಜನೆಯನ್ನು ಕೈಬಿಟ್ಟಿತ್ತು. ಈಗ ಮತ್ತೆ ನಮ್ಮ ಸರ್ಕಾರ ಇಂದಿರಾ ಕ್ಯಾಂಟೀನ್‌ಗಳಿಗೆ ಮರುಜೀವ ನೀಡಿದೆ. ನಗರದ ವಿವಿಧ ಭಾಗಗಳಲ್ಲಿ ಹೊಸ ಕ್ಯಾಂಟೀನ್ ಆರಂಭಿಸಲಾಗುವುದು. ಸಾರ್ವಜನಿಕರು ಇದರ ಪ್ರಯೋಜನ ಪಡೆಯಬೇಕು ಎಂದು ಮನವಿ ಮಾಡಿದರು. ಬೆಳಗ್ಗೆ ತಿಂಡಿ ಕೇವಲ ರೂ.5 ಹಾಗೂ ಊಟ ರೂ.10 ಕ್ಕೆ ಲಭ್ಯವಿದೆ.
ಮಹಾನಗರ ಪಾಲಿಕೆಯ ಅಧಿಕಾರಿಗಳು, ಪಾಲಿಕೆ ಸದಸ್ಯರು, ಕಾಂಗ್ರೆಸ್ ಮುಖಂಡರು ಹಾಗೂ ಕಾರ್ಯಕರ್ತರು ಈ ಸಂದರ್ಭದಲ್ಲಿ ಉಪಸ್ಥಿತರಿದ್ದರು. ಉದ್ಘಾಟನೆಯ ನಂತರ ಶಾಸಕರು ಸಾರ್ವಜನಿಕರೊಂದಿಗೆ ಕುಳಿತು ಉಪಾಹಾರ ಸೇವಿಸಿದರು. ಸಂದೇಶವನ್ನು ಶಾಸಕರು ಹಂಚಿಕೊಂಡರು.
ಹುಬ್ಬಳ್ಳಿ-ಧಾರವಾಡ ಮಹಾನಗರ ಪಾಲಿಕೆ
ಕಾರ್ಯನಿರ್ವಾಹಕ ಅಭಿಯಂತರರ ಕಚೇರಿ, ಧಾರವಾಡ
ಫೋ: (0836) 2213838 Email: eedharwad@gmail.com
ನಂ.ಇಇ/ವಿ.ಡಿ/66/07/02/2025-26	ದಿನಾಂಕ: 26-04-2025
ಇ-ಟೆಂಡರ್ ಅಧಿಸೂಚನೆ
ಹುಬ್ಬಳ್ಳಿ ಧಾರವಾಡ ಮಹಾನಗರ ಪಾಲಿಕೆಯ ವ್ಯಾಪ್ತಿಯಲ್ಲಿ 2024-25 ಹಾಗೂ 2025-26ನೇ ಸಾಲಿನ ವಿವಿಧ ಕಾಮಗಾರಿಗಳಿಗೆ ಅರ್ಹ ಗುತ್ತಿಗೆದಾರರಿಂದ ಇ-ಟೆಂಡರ್ ಮೂಲಕ ದರಪಟ್ಟಿಗಳನ್ನು ಆಹ್ವಾನಿಸಲಾಗಿದೆ.
1) ಇಂಡೆಂಟ್ ನಂ. 40671/ 10.00 ಲಕ್ಷ/ ಸಾಮಾನ್ಯ	2) ಇಂಡೆಂಟ್ ನಂ. 40672/ 40.00 ಲಕ್ಷ/ ಪ.ಜಾತಿ
3) ಇಂಡೆಂಟ್ ನಂ. 40670/ 26.00 ಲಕ್ಷ/ ಸಾಮಾನ್ಯ	4) ಇಂಡೆಂಟ್ ನಂ. 40669/ 15.00 ಲಕ್ಷ/ ಪ್ರವರ್ಗ-1
5) ಇಂಡೆಂಟ್ ನಂ. 40922/ 19.45 ಲಕ್ಷ/ ಸಾಮಾನ್ಯ	6) ಇಂಡೆಂಟ್ ನಂ. 40765/ 13.00 ಲಕ್ಷ/ ಸಾಮಾನ್ಯ
7) ಇಂಡೆಂಟ್ ನಂ. 40763/ 26.69 ಲಕ್ಷ/ ಸಾಮಾನ್ಯ	8) ಇಂಡೆಂಟ್ ನಂ. 40761/ 8.59 ಲಕ್ಷ/ ಸಾಮಾನ್ಯ
9) ಇಂಡೆಂಟ್ ನಂ. 40774/ 7.23 ಲಕ್ಷ/ ಸಾಮಾನ್ಯ	10) ಇಂಡೆಂಟ್ ನಂ. 40766/ 45.84 ಲಕ್ಷ/ ಸಾಮಾನ್ಯ
11) ಇಂಡೆಂಟ್ ನಂ. 40768/ 25.00 ಲಕ್ಷ/ ಪ್ರವರ್ಗ-2ಎ	12) ಇಂಡೆಂಟ್ ನಂ. 40767/ 10.00 ಲಕ್ಷ/ ಸಾಮಾನ್ಯ
13) ಇಂಡೆಂಟ್ ನಂ. 40526/ 15.00 ಲಕ್ಷ/ ಪ.ಜಾತಿ	14) ಇಂಡೆಂಟ್ ನಂ. 40807/ 10.00 ಲಕ್ಷ/ ಸಾಮಾನ್ಯ
15) ಇಂಡೆಂಟ್ ನಂ. 40812/ 6.04 ಲಕ್ಷ/ ಪ್ರವರ್ಗ-2ಎ	16) ಇಂಡೆಂಟ್ ನಂ. 40809/ 10.50 ಲಕ್ಷ/ ಸಾಮಾನ್ಯ
17) ಇಂಡೆಂಟ್ ನಂ. 40551/ 10.00 ಲಕ್ಷ/ ಸಾಮಾನ್ಯ	18) ಇಂಡೆಂಟ್ ನಂ. 40653/ 7.73 ಲಕ್ಷ/ ಸಾಮಾನ್ಯ
19) ಇಂಡೆಂಟ್ ನಂ. 38591/ 5.00 ಲಕ್ಷ/ ಸಾಮಾನ್ಯ	20) ಇಂಡೆಂಟ್ ನಂ. 38593 / 10.00 ಲಕ್ಷ/ ಸಾಮಾನ್ಯ
21) ಇಂಡೆಂಟ್ ನಂ. 38366/ 5.00 ಲಕ್ಷ/ ಸಾಮಾನ್ಯ	22) ಇಂಡೆಂಟ್ ನಂ. 38372/ 5.00 ಲಕ್ಷ/ ಸಾಮಾನ್ಯ
23) ಇಂಡೆಂಟ್ ನಂ. 38363/ 25.00 ಲಕ್ಷ/ ಸಾಮಾನ್ಯ	24) ಇಂಡೆಂಟ್ ನಂ. 40555/ 9.00 ಲಕ್ಷ/ ಸಾಮಾನ್ಯ
25) ಇಂಡೆಂಟ್ ನಂ. 39249/ 4.00 ಲಕ್ಷ/ ಸಾಮಾನ್ಯ	26) ಇಂಡೆಂಟ್ ನಂ. 39966/ 10.00 ಲಕ್ಷ/ ಸಾಮಾನ್ಯ
27) ಇಂಡೆಂಟ್ ನಂ. 38479/ 4.00 ಲಕ್ಷ/ ಸಾಮಾನ್ಯ	28) ಇಂಡೆಂಟ್ ನಂ. 40512/ 12.13 ಲಕ್ಷ/ ಸಾಮಾನ್ಯ
ಟೆಂಡರ್ ದಾಖಲೆಗಳನ್ನು www.kppp.karnataka.gov.in ವೆಬ್‌ಸೈಟ್‌ನಿಂದ ಪಡೆಯಬಹುದು. ಹೆಚ್ಚಿನ ಮಾಹಿತಿಗಾಗಿ ದೂರವಾಣಿ: 0836-2213838 ಸಂಪರ್ಕಿಸಬಹುದು.
(1) ಟೆಂಡರ್ ಸಲ್ಲಿಸಲು ಕೊನೆಯ ದಿನಾಂಕ: 13/06/2025 ಸಂಜೆ 05:00 ಗಂಟೆ	(2) ಟೆಂಡರ್ ತೆರೆಯುವ ದಿನಾಂಕ: 16/06/2025
(1) ಟೆಂಡರ್ ಸಲ್ಲಿಸಲು ಕೊನೆಯ ದಿನಾಂಕ: 03/06/2025 ಸಂಜೆ 05:00 ಗಂಟೆ	(2) ಟೆಂಡರ್ ತೆರೆಯುವ ದಿನಾಂಕ: 04/06/2025
ಸಹಿ/- ಕಾರ್ಯನಿರ್ವಾಹಕ ಅಭಿಯಂತರರು, ಹುಬ್ಬಳ್ಳಿ-ಧಾರವಾಡ ಮಹಾನಗರ ಪಾಲಿಕೆ, ಧಾರವಾಡ
ವಾ.ಸಂ/ಪ್ರ/ಜಾಹಿರಾತು/220/ಮೀಡಿಯಾ/2025-26
